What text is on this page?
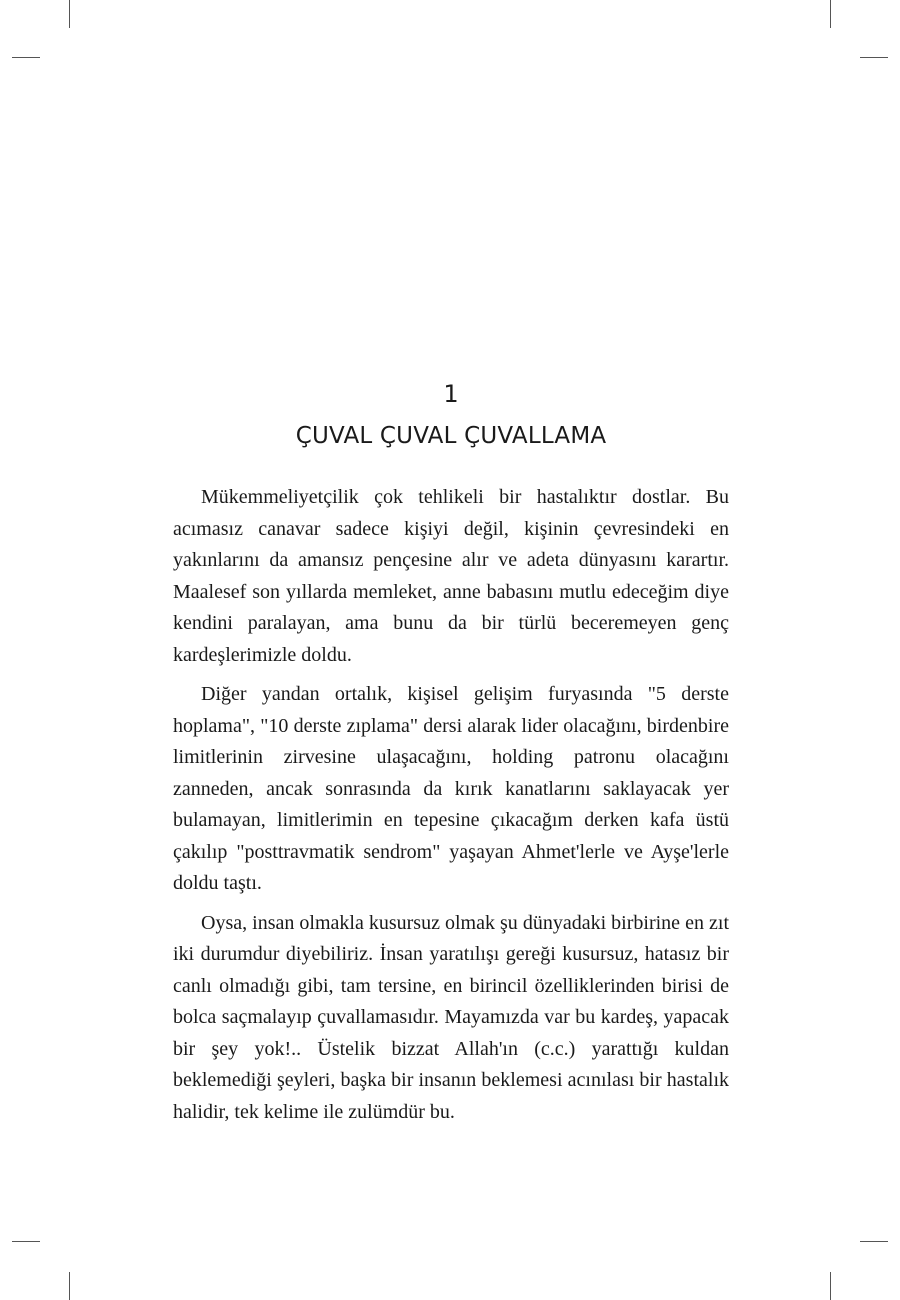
1
ÇUVAL ÇUVAL ÇUVALLAMA

Mükemmeliyetçilik çok tehlikeli bir hastalıktır dostlar. Bu acımasız canavar sadece kişiyi değil, kişinin çevresindeki en yakınlarını da amansız pençesine alır ve adeta dünyasını karartır. Maalesef son yıllarda memleket, anne babasını mutlu edeceğim diye kendini paralayan, ama bunu da bir türlü beceremeyen genç kardeşlerimizle doldu.

Diğer yandan ortalık, kişisel gelişim furyasında "5 derste hoplama", "10 derste zıplama" dersi alarak lider olacağını, birdenbire limitlerinin zirvesine ulaşacağını, holding patronu olacağını zanneden, ancak sonrasında da kırık kanatlarını saklayacak yer bulamayan, limitlerimin en tepesine çıkacağım derken kafa üstü çakılıp "posttravmatik sendrom" yaşayan Ahmet'lerle ve Ayşe'lerle doldu taştı.

Oysa, insan olmakla kusursuz olmak şu dünyadaki birbirine en zıt iki durumdur diyebiliriz. İnsan yaratılışı gereği kusursuz, hatasız bir canlı olmadığı gibi, tam tersine, en birincil özelliklerinden birisi de bolca saçmalayıp çuvallamasıdır. Mayamızda var bu kardeş, yapacak bir şey yok!.. Üstelik bizzat Allah'ın (c.c.) yarattığı kuldan beklemediği şeyleri, başka bir insanın beklemesi acınılası bir hastalık halidir, tek kelime ile zulümdür bu.
